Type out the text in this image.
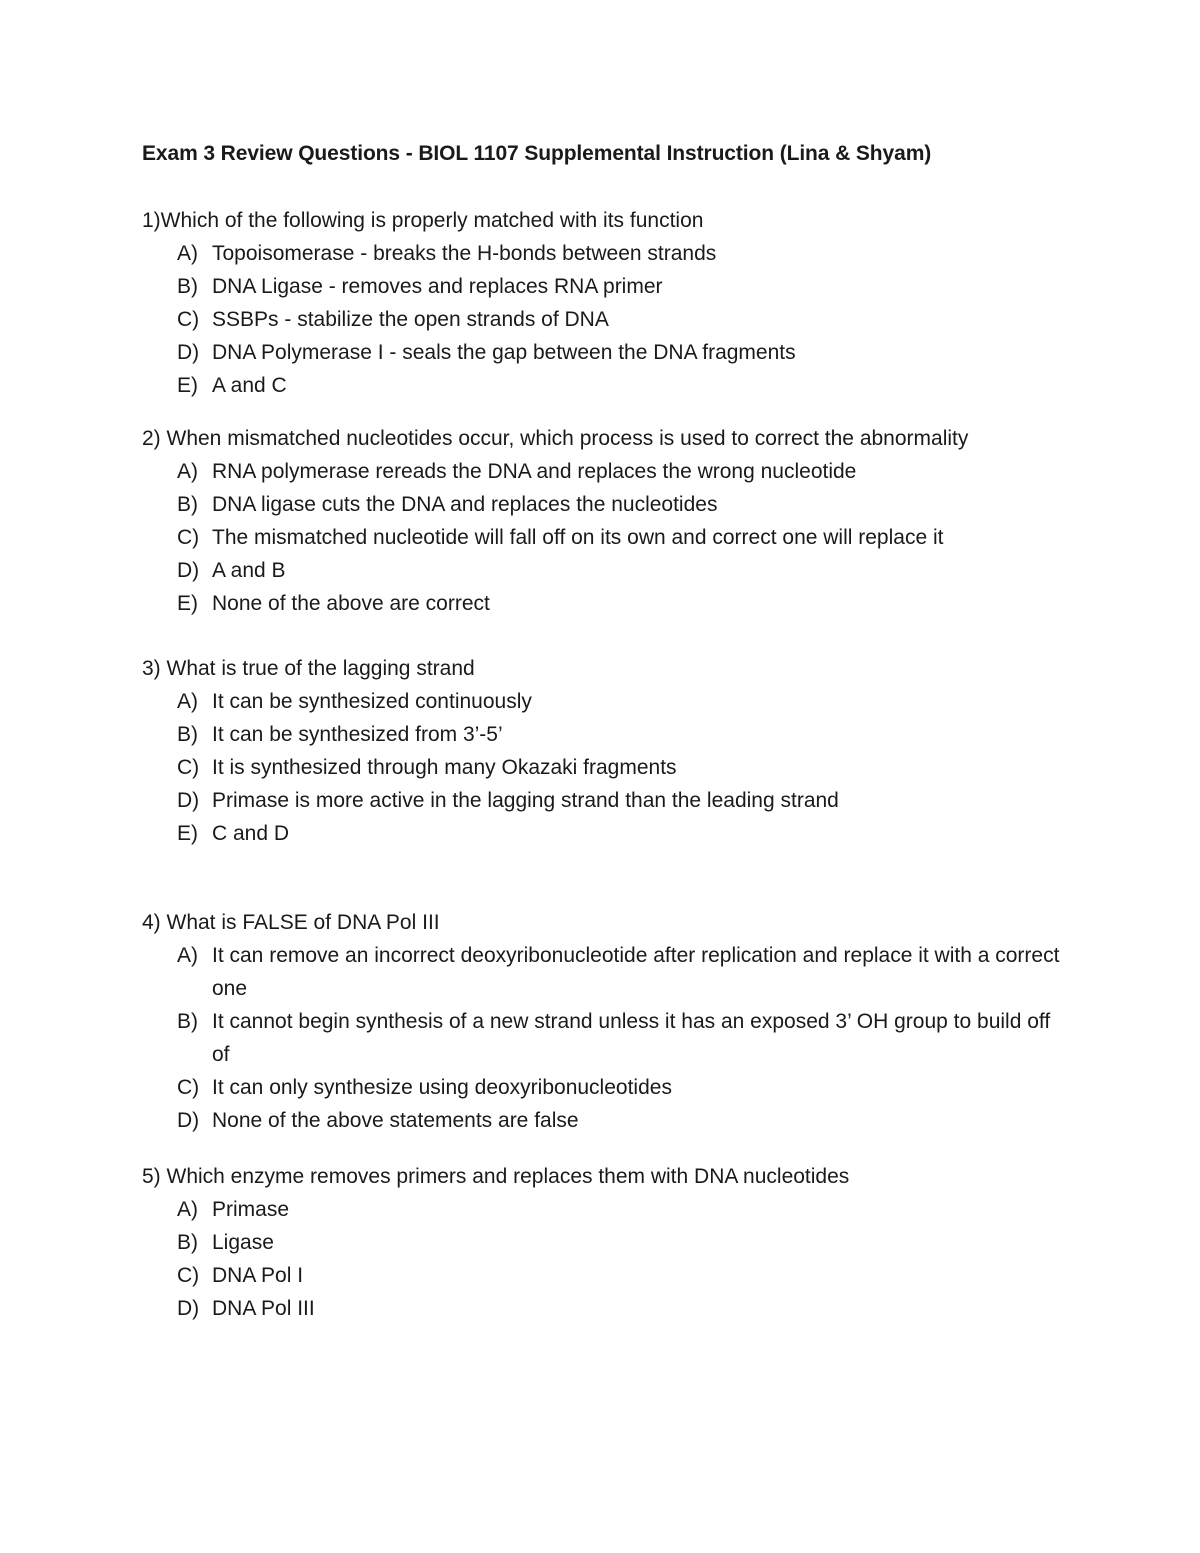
Exam 3 Review Questions - BIOL 1107 Supplemental Instruction (Lina & Shyam)
1)Which of the following is properly matched with its function
A) Topoisomerase - breaks the H-bonds between strands
B) DNA Ligase - removes and replaces RNA primer
C) SSBPs - stabilize the open strands of DNA
D) DNA Polymerase I - seals the gap between the DNA fragments
E) A and C
2) When mismatched nucleotides occur, which process is used to correct the abnormality
A) RNA polymerase rereads the DNA and replaces the wrong nucleotide
B) DNA ligase cuts the DNA and replaces the nucleotides
C) The mismatched nucleotide will fall off on its own and correct one will replace it
D) A and B
E) None of the above are correct
3) What is true of the lagging strand
A) It can be synthesized continuously
B) It can be synthesized from 3’-5’
C) It is synthesized through many Okazaki fragments
D) Primase is more active in the lagging strand than the leading strand
E) C and D
4) What is FALSE of DNA Pol III
A) It can remove an incorrect deoxyribonucleotide after replication and replace it with a correct one
B) It cannot begin synthesis of a new strand unless it has an exposed 3’ OH group to build off of
C) It can only synthesize using deoxyribonucleotides
D) None of the above statements are false
5) Which enzyme removes primers and replaces them with DNA nucleotides
A) Primase
B) Ligase
C) DNA Pol I
D) DNA Pol III
